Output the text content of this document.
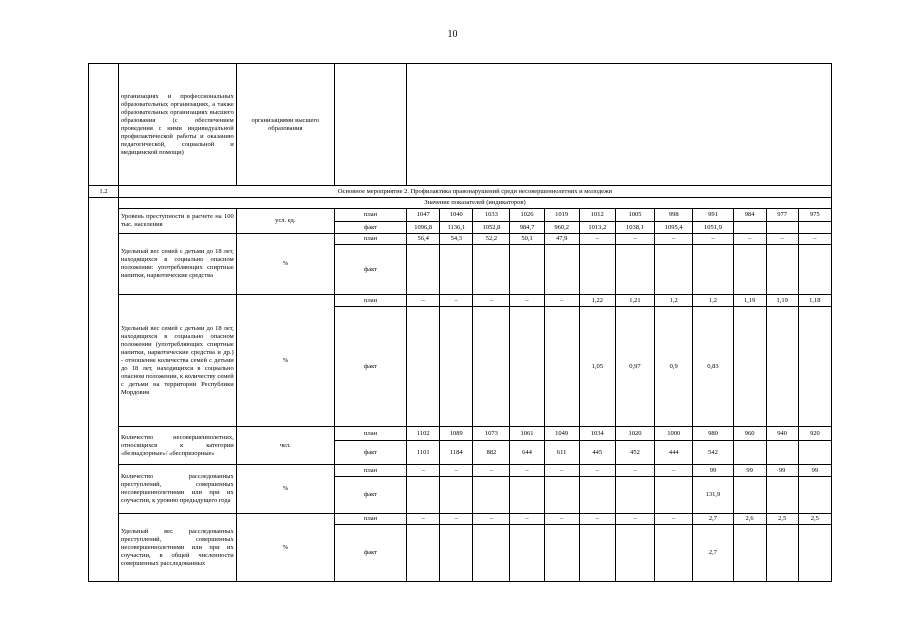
10
	организациях и профессиональных образовательных организациях, а также образовательных организациях высшего образования (с обеспечением проведения с ними индивидуальной профилактической работы и оказанию педагогической, социальной и медицинской помощи)	организациями высшего образования													
1.2	Основное мероприятие 2. Профилактика правонарушений среди несовершеннолетних и молодежи														
	Значение показателей (индикаторов)														
	Уровень преступности в расчете на 100 тыс. населения	усл. ед.	план	1047	1040	1033	1026	1019	1012	1005	998	991	984	977	975
			факт	1096,8	1136,1	1052,8	984,7	960,2	1013,2	1038,1	1095,4	1051,9			
	Удельный вес семей с детьми до 18 лет, находящихся в социально опасном положении: употребляющих спиртные напитки, наркотические средства	%	план	56,4	54,3	52,2	50,1	47,9	–	–	–	–	–	–	–
			факт												
	Удельный вес семей с детьми до 18 лет, находящихся в социально опасном положении (употребляющих спиртные напитки, наркотические средства и др.) - отношение количества семей с детьми до 18 лет, находящихся в социально опасном положении, к количеству семей с детьми на территории Республики Мордовия	%	план	–	–	–	–	–	1,22	1,21	1,2	1,2	1,19	1,19	1,18
			факт						1,05	0,97	0,9	0,83			
	Количество несовершеннолетних, относящихся к категории «безнадзорные»/ «беспризорные»	чел.	план	1102	1089	1073	1061	1049	1034	1020	1000	980	960	940	920
			факт	1101	1184	882	644	611	445	452	444	542			
	Количество расследованных преступлений, совершенных несовершеннолетними или при их соучастии, к уровню предыдущего года	%	план	–	–	–	–	–	–	–	–	99	99	99	99
			факт									131,9			
	Удельный вес расследованных преступлений, совершенных несовершеннолетними или при их соучастии, в общей численности совершенных расследованных	%	план	–	–	–	–	–	–	–	–	2,7	2,6	2,5	2,5
			факт									2,7			
